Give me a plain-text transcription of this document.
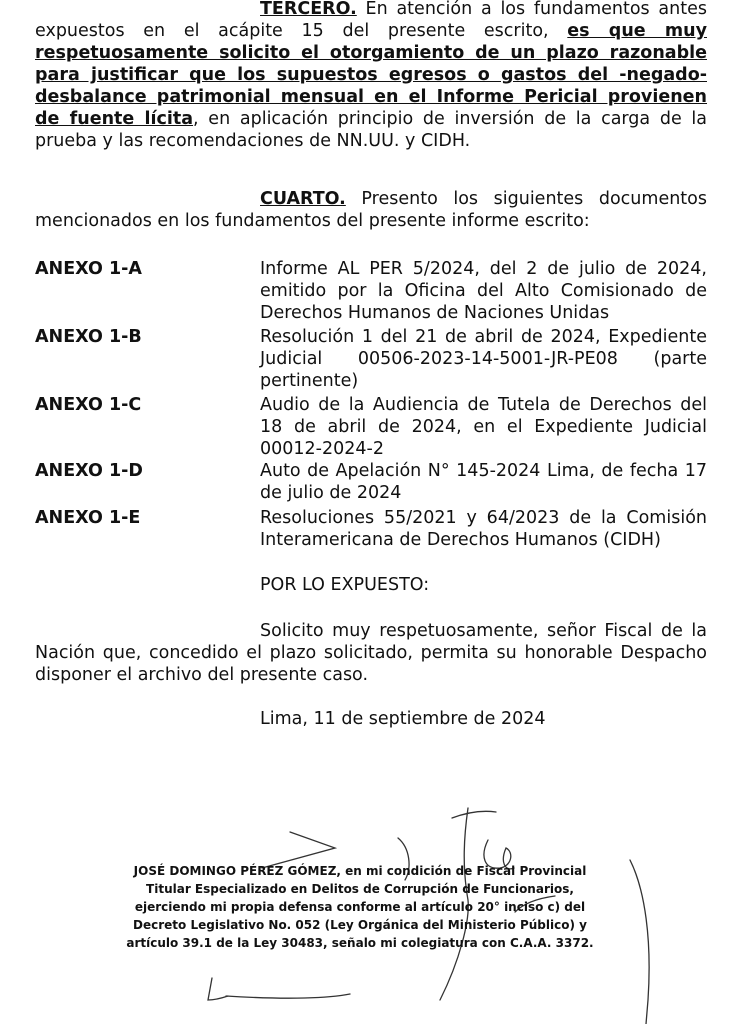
TERCERO. En atención a los fundamentos antes expuestos en el acápite 15 del presente escrito, es que muy respetuosamente solicito el otorgamiento de un plazo razonable para justificar que los supuestos egresos o gastos del -negado- desbalance patrimonial mensual en el Informe Pericial provienen de fuente lícita, en aplicación principio de inversión de la carga de la prueba y las recomendaciones de NN.UU. y CIDH.

CUARTO. Presento los siguientes documentos mencionados en los fundamentos del presente informe escrito:

ANEXO 1-A	Informe AL PER 5/2024, del 2 de julio de 2024, emitido por la Oficina del Alto Comisionado de Derechos Humanos de Naciones Unidas
ANEXO 1-B	Resolución 1 del 21 de abril de 2024, Expediente Judicial 00506-2023-14-5001-JR-PE08 (parte pertinente)
ANEXO 1-C	Audio de la Audiencia de Tutela de Derechos del 18 de abril de 2024, en el Expediente Judicial 00012-2024-2
ANEXO 1-D	Auto de Apelación N° 145-2024 Lima, de fecha 17 de julio de 2024
ANEXO 1-E	Resoluciones 55/2021 y 64/2023 de la Comisión Interamericana de Derechos Humanos (CIDH)
POR LO EXPUESTO:

Solicito muy respetuosamente, señor Fiscal de la Nación que, concedido el plazo solicitado, permita su honorable Despacho disponer el archivo del presente caso.

Lima, 11 de septiembre de 2024
JOSÉ DOMINGO PÉREZ GÓMEZ, en mi condición de Fiscal Provincial Titular Especializado en Delitos de Corrupción de Funcionarios, ejerciendo mi propia defensa conforme al artículo 20° inciso c) del Decreto Legislativo No. 052 (Ley Orgánica del Ministerio Público) y artículo 39.1 de la Ley 30483, señalo mi colegiatura con C.A.A. 3372.
